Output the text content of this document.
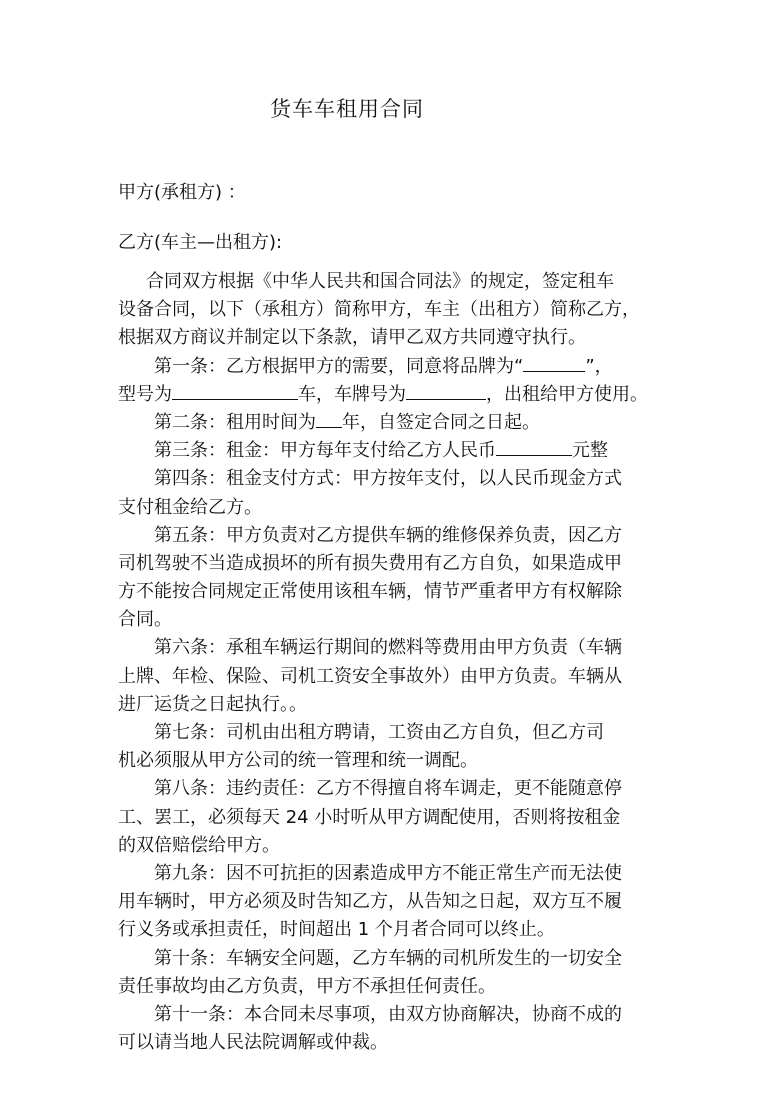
货车车租用合同
甲方(承租方) ：
乙方(车主—出租方):
合同双方根据《中华人民共和国合同法》的规定，签定租车
设备合同，以下（承租方）简称甲方，车主（出租方）简称乙方，
根据双方商议并制定以下条款，请甲乙双方共同遵守执行。
第一条：乙方根据甲方的需要，同意将品牌为“	”，
型号为	车，车牌号为	，出租给甲方使用。
第二条：租用时间为 年，自签定合同之日起。
第三条：租金：甲方每年支付给乙方人民币	元整
第四条：租金支付方式：甲方按年支付，以人民币现金方式
支付租金给乙方。
第五条：甲方负责对乙方提供车辆的维修保养负责，因乙方
司机驾驶不当造成损坏的所有损失费用有乙方自负，如果造成甲
方不能按合同规定正常使用该租车辆，情节严重者甲方有权解除
合同。
第六条：承租车辆运行期间的燃料等费用由甲方负责（车辆
上牌、年检、保险、司机工资安全事故外）由甲方负责。车辆从
进厂运货之日起执行。。
第七条：司机由出租方聘请，工资由乙方自负，但乙方司
机必须服从甲方公司的统一管理和统一调配。
第八条：违约责任：乙方不得擅自将车调走，更不能随意停
工、罢工，必须每天 24 小时听从甲方调配使用，否则将按租金
的双倍赔偿给甲方。
第九条：因不可抗拒的因素造成甲方不能正常生产而无法使
用车辆时，甲方必须及时告知乙方，从告知之日起，双方互不履
行义务或承担责任，时间超出 1 个月者合同可以终止。
第十条：车辆安全问题，乙方车辆的司机所发生的一切安全
责任事故均由乙方负责，甲方不承担任何责任。
第十一条：本合同未尽事项，由双方协商解决，协商不成的
可以请当地人民法院调解或仲裁。
